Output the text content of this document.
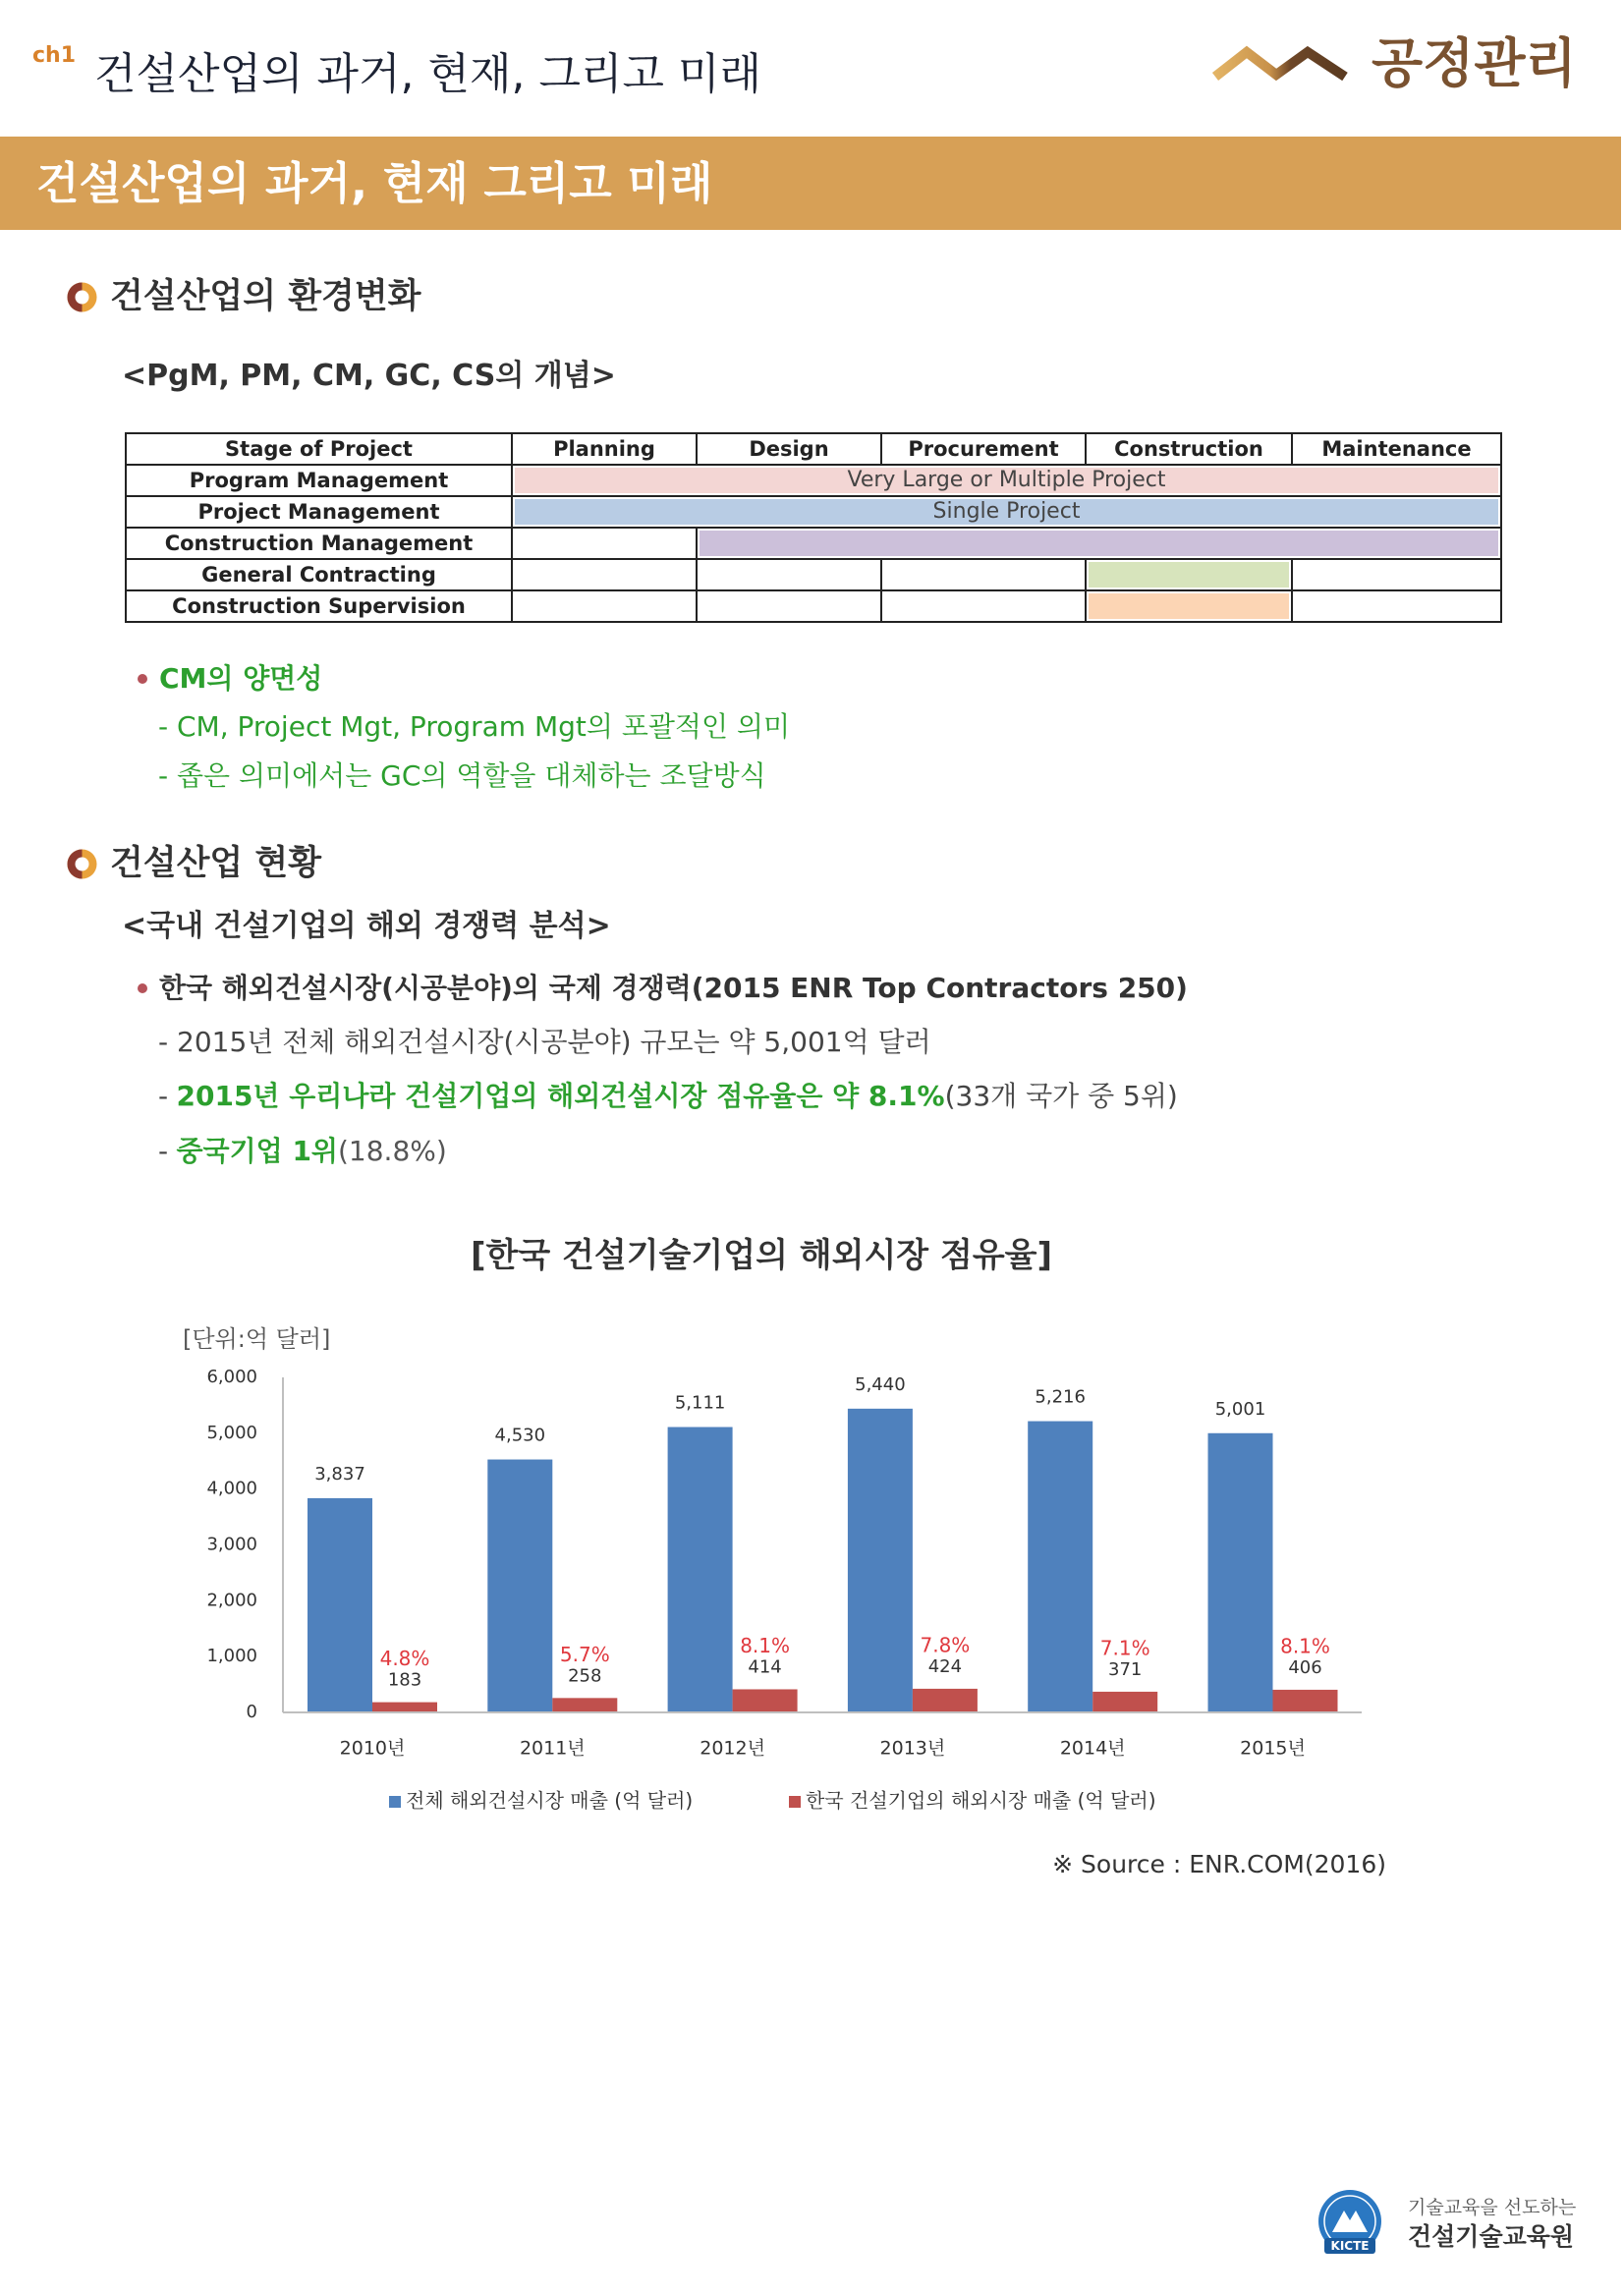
ch1 건설산업의 과거, 현재, 그리고 미래	공정관리
건설산업의 과거, 현재 그리고 미래
건설산업의 환경변화
<PgM, PM, CM, GC, CS의 개념>
Stage of Project	Planning	Design	Procurement	Construction	Maintenance
Program Management	Very Large or Multiple Project				

Project Management	Single Project				

Construction Management					

General Contracting				

Construction Supervision				

CM의 양면성
- CM, Project Mgt, Program Mgt의 포괄적인 의미
- 좁은 의미에서는 GC의 역할을 대체하는 조달방식
건설산업 현황
<국내 건설기업의 해외 경쟁력 분석>
한국 해외건설시장(시공분야)의 국제 경쟁력(2015 ENR Top Contractors 250)
- 2015년 전체 해외건설시장(시공분야) 규모는 약 5,001억 달러
- 2015년 우리나라 건설기업의 해외건설시장 점유율은 약 8.1%(33개 국가 중 5위)
- 중국기업 1위(18.8%)
[한국 건설기술기업의 해외시장 점유율]
[단위:억 달러]
6,000
5,000
4,000
3,000
2,000
1,000
0
3,837
183
4.8%
2010년
4,530
258
5.7%
2011년
5,111
414
8.1%
2012년
5,440
424
7.8%
2013년
5,216
371
7.1%
2014년
5,001
406
8.1%
2015년
전체 해외건설시장 매출 (억 달러)	한국 건설기업의 해외시장 매출 (억 달러)
※ Source : ENR.COM(2016)
KICTE
기술교육을 선도하는
건설기술교육원
